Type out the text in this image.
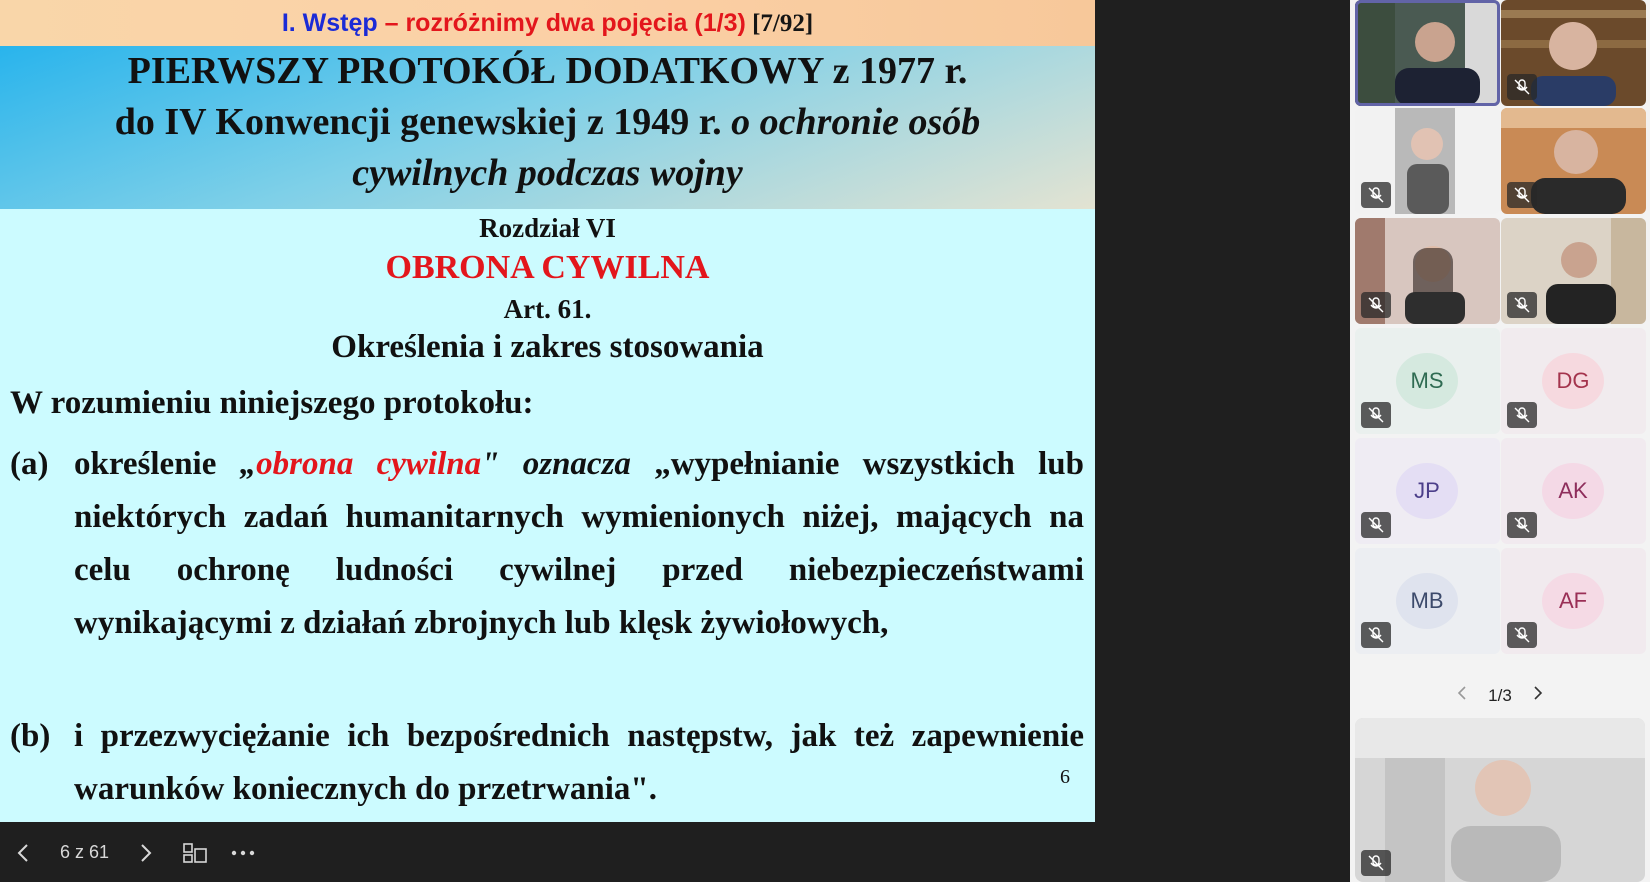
I. Wstęp – rozróżnimy dwa pojęcia (1/3) [7/92]
PIERWSZY PROTOKÓŁ DODATKOWY z 1977 r.
do IV Konwencji genewskiej z 1949 r. o ochronie osób
cywilnych podczas wojny
Rozdział VI
OBRONA CYWILNA
Art. 61.
Określenia i zakres stosowania
W rozumieniu niniejszego protokołu:
(a) określenie „obrona cywilna" oznacza „wypełnianie wszystkich lub niektórych zadań humanitarnych wymienionych niżej, mających na celu ochronę ludności cywilnej przed niebezpieczeństwami wynikającymi z działań zbrojnych lub klęsk żywiołowych,
(b) i przezwyciężanie ich bezpośrednich następstw, jak też zapewnienie warunków koniecznych do przetrwania".	6
6 z 61
MS	DG
JP	AK
MB	AF
1/3
